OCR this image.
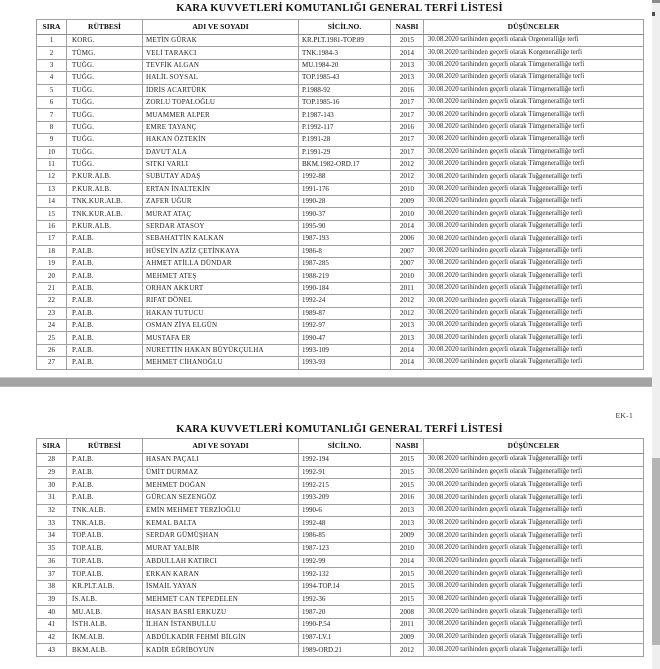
KARA KUVVETLERİ KOMUTANLIĞI GENERAL TERFİ LİSTESİ
SIRA	RÜTBESİ	ADI VE SOYADI	SİCİLNO.	NASBI	DÜŞÜNCELER
1	KORG.	METİN GÜRAK	KR.PLT.1981-TOP.89	2015	30.08.2020 tarihinden geçerli olarak Orgeneralliğe terfi
2	TÜMG.	VELİ TARAKCI	TNK.1984-3	2014	30.08.2020 tarihinden geçerli olarak Korgeneralliğe terfi
3	TUĞG.	TEVFİK ALGAN	MU.1984-20	2013	30.08.2020 tarihinden geçerli olarak Tümgeneralliğe terfi
4	TUĞG.	HALİL SOYSAL	TOP.1985-43	2013	30.08.2020 tarihinden geçerli olarak Tümgeneralliğe terfi
5	TUĞG.	İDRİS ACARTÜRK	P.1988-92	2016	30.08.2020 tarihinden geçerli olarak Tümgeneralliğe terfi
6	TUĞG.	ZORLU TOPALOĞLU	TOP.1985-16	2017	30.08.2020 tarihinden geçerli olarak Tümgeneralliğe terfi
7	TUĞG.	MUAMMER ALPER	P.1987-143	2017	30.08.2020 tarihinden geçerli olarak Tümgeneralliğe terfi
8	TUĞG.	EMRE TAYANÇ	P.1992-117	2016	30.08.2020 tarihinden geçerli olarak Tümgeneralliğe terfi
9	TUĞG.	HAKAN ÖZTEKİN	P.1991-28	2017	30.08.2020 tarihinden geçerli olarak Tümgeneralliğe terfi
10	TUĞG.	DAVUT ALA	P.1991-29	2017	30.08.2020 tarihinden geçerli olarak Tümgeneralliğe terfi
11	TUĞG.	SITKI VARLI	BKM.1982-ORD.17	2012	30.08.2020 tarihinden geçerli olarak Tümgeneralliğe terfi
12	P.KUR.ALB.	SUBUTAY ADAŞ	1992-88	2012	30.08.2020 tarihinden geçerli olarak Tuğgeneralliğe terfi
13	P.KUR.ALB.	ERTAN İNALTEKİN	1991-176	2010	30.08.2020 tarihinden geçerli olarak Tuğgeneralliğe terfi
14	TNK.KUR.ALB.	ZAFER UĞUR	1990-28	2009	30.08.2020 tarihinden geçerli olarak Tuğgeneralliğe terfi
15	TNK.KUR.ALB.	MURAT ATAÇ	1990-37	2010	30.08.2020 tarihinden geçerli olarak Tuğgeneralliğe terfi
16	P.KUR.ALB.	SERDAR ATASOY	1995-90	2014	30.08.2020 tarihinden geçerli olarak Tuğgeneralliğe terfi
17	P.ALB.	SEBAHATTİN KALKAN	1987-193	2006	30.08.2020 tarihinden geçerli olarak Tuğgeneralliğe terfi
18	P.ALB.	HÜSEYİN AZİZ ÇETİNKAYA	1986-8	2007	30.08.2020 tarihinden geçerli olarak Tuğgeneralliğe terfi
19	P.ALB.	AHMET ATİLLA DÜNDAR	1987-285	2007	30.08.2020 tarihinden geçerli olarak Tuğgeneralliğe terfi
20	P.ALB.	MEHMET ATEŞ	1988-219	2010	30.08.2020 tarihinden geçerli olarak Tuğgeneralliğe terfi
21	P.ALB.	ORHAN AKKURT	1990-184	2011	30.08.2020 tarihinden geçerli olarak Tuğgeneralliğe terfi
22	P.ALB.	RIFAT DÖNEL	1992-24	2012	30.08.2020 tarihinden geçerli olarak Tuğgeneralliğe terfi
23	P.ALB.	HAKAN TUTUCU	1989-87	2012	30.08.2020 tarihinden geçerli olarak Tuğgeneralliğe terfi
24	P.ALB.	OSMAN ZİYA ELGÜN	1992-97	2013	30.08.2020 tarihinden geçerli olarak Tuğgeneralliğe terfi
25	P.ALB.	MUSTAFA ER	1990-47	2013	30.08.2020 tarihinden geçerli olarak Tuğgeneralliğe terfi
26	P.ALB.	NURETTİN HAKAN BÜYÜKÇULHA	1993-109	2014	30.08.2020 tarihinden geçerli olarak Tuğgeneralliğe terfi
27	P.ALB.	MEHMET CİHANOĞLU	1993-93	2014	30.08.2020 tarihinden geçerli olarak Tuğgeneralliğe terfi
EK-1
KARA KUVVETLERİ KOMUTANLIĞI GENERAL TERFİ LİSTESİ
SIRA	RÜTBESİ	ADI VE SOYADI	SİCİLNO.	NASBI	DÜŞÜNCELER
28	P.ALB.	HASAN PAÇALI	1992-194	2015	30.08.2020 tarihinden geçerli olarak Tuğgeneralliğe terfi
29	P.ALB.	ÜMİT DURMAZ	1992-91	2015	30.08.2020 tarihinden geçerli olarak Tuğgeneralliğe terfi
30	P.ALB.	MEHMET DOĞAN	1992-215	2015	30.08.2020 tarihinden geçerli olarak Tuğgeneralliğe terfi
31	P.ALB.	GÜRCAN SEZENGÖZ	1993-209	2016	30.08.2020 tarihinden geçerli olarak Tuğgeneralliğe terfi
32	TNK.ALB.	EMİN MEHMET TERZİOĞLU	1990-6	2013	30.08.2020 tarihinden geçerli olarak Tuğgeneralliğe terfi
33	TNK.ALB.	KEMAL BALTA	1992-48	2013	30.08.2020 tarihinden geçerli olarak Tuğgeneralliğe terfi
34	TOP.ALB.	SERDAR GÜMÜŞHAN	1986-85	2009	30.08.2020 tarihinden geçerli olarak Tuğgeneralliğe terfi
35	TOP.ALB.	MURAT YALBİR	1987-123	2010	30.08.2020 tarihinden geçerli olarak Tuğgeneralliğe terfi
36	TOP.ALB.	ABDULLAH KATIRCI	1992-99	2014	30.08.2020 tarihinden geçerli olarak Tuğgeneralliğe terfi
37	TOP.ALB.	ERKAN KARAN	1992-132	2015	30.08.2020 tarihinden geçerli olarak Tuğgeneralliğe terfi
38	KR.PLT.ALB.	İSMAİL YAYAN	1994-TOP.14	2015	30.08.2020 tarihinden geçerli olarak Tuğgeneralliğe terfi
39	İS.ALB.	MEHMET CAN TEPEDELEN	1992-36	2015	30.08.2020 tarihinden geçerli olarak Tuğgeneralliğe terfi
40	MU.ALB.	HASAN BASRİ ERKUZU	1987-20	2008	30.08.2020 tarihinden geçerli olarak Tuğgeneralliğe terfi
41	İSTH.ALB.	İLHAN İSTANBULLU	1990-P.54	2011	30.08.2020 tarihinden geçerli olarak Tuğgeneralliğe terfi
42	İKM.ALB.	ABDÜLKADİR FEHMİ BİLGİN	1987-LV.1	2009	30.08.2020 tarihinden geçerli olarak Tuğgeneralliğe terfi
43	BKM.ALB.	KADİR EĞRİBOYUN	1989-ORD.21	2012	30.08.2020 tarihinden geçerli olarak Tuğgeneralliğe terfi
